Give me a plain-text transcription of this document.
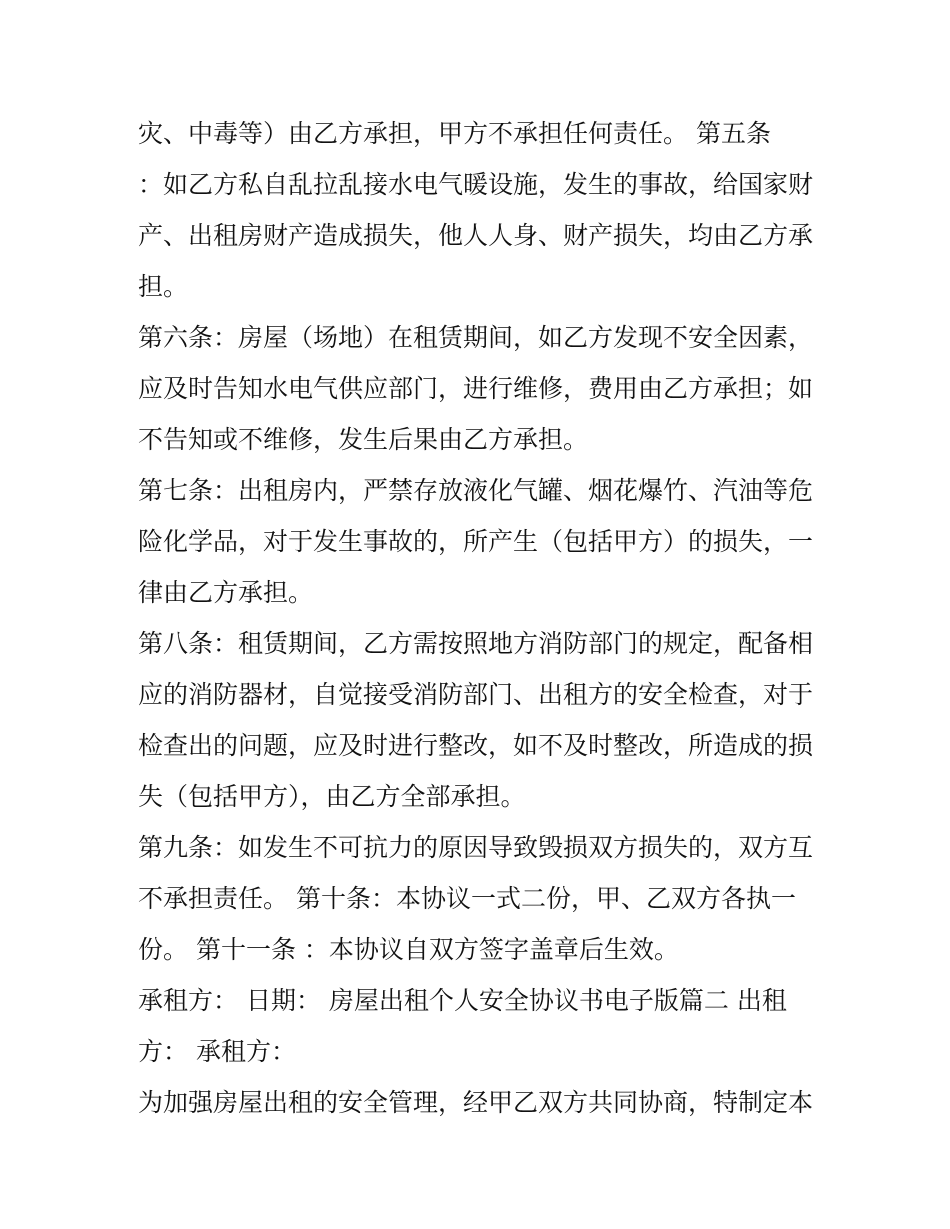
灾、中毒等）由乙方承担，甲方不承担任何责任。 第五条
：如乙方私自乱拉乱接水电气暖设施，发生的事故，给国家财
产、出租房财产造成损失，他人人身、财产损失，均由乙方承
担。
第六条：房屋（场地）在租赁期间，如乙方发现不安全因素，
应及时告知水电气供应部门，进行维修，费用由乙方承担；如
不告知或不维修，发生后果由乙方承担。
第七条：出租房内，严禁存放液化气罐、烟花爆竹、汽油等危
险化学品，对于发生事故的，所产生（包括甲方）的损失，一
律由乙方承担。
第八条：租赁期间，乙方需按照地方消防部门的规定，配备相
应的消防器材，自觉接受消防部门、出租方的安全检查，对于
检查出的问题，应及时进行整改，如不及时整改，所造成的损
失（包括甲方），由乙方全部承担。
第九条：如发生不可抗力的原因导致毁损双方损失的，双方互
不承担责任。 第十条：本协议一式二份，甲、乙双方各执一
份。 第十一条 ：本协议自双方签字盖章后生效。
承租方： 日期： 房屋出租个人安全协议书电子版篇二 出租
方： 承租方：
为加强房屋出租的安全管理，经甲乙双方共同协商，特制定本
